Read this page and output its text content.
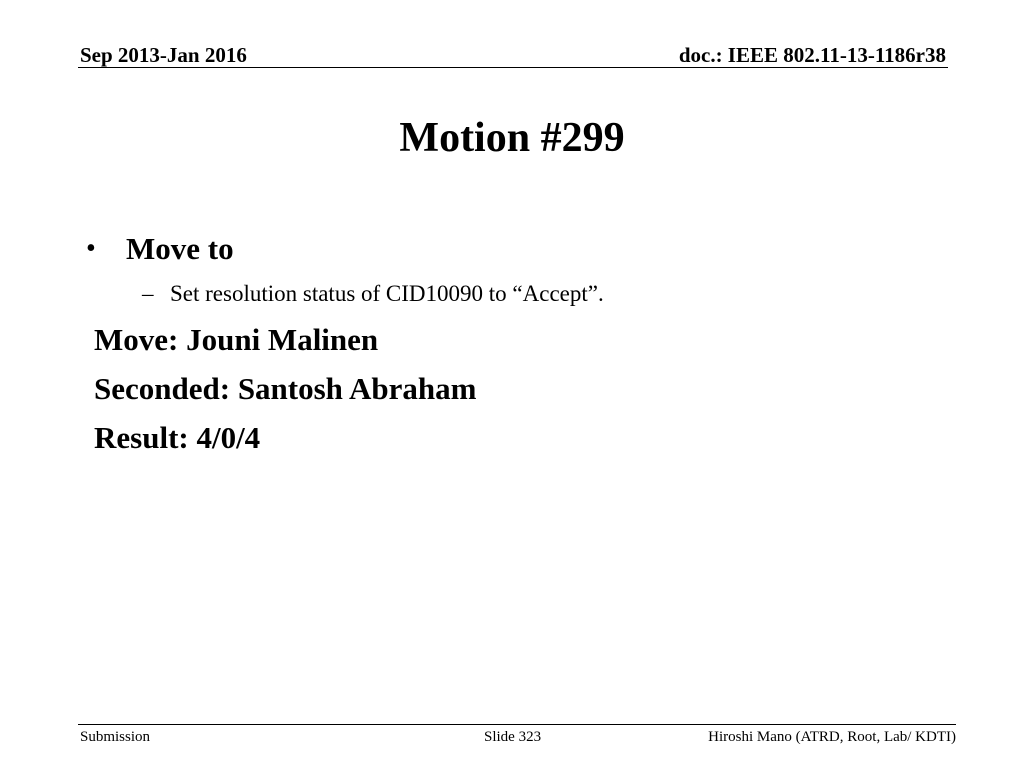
Sep 2013-Jan 2016	doc.: IEEE 802.11-13-1186r38
Motion #299
• Move to
– Set resolution status of CID10090 to “Accept”.
Move: Jouni Malinen
Seconded: Santosh Abraham
Result: 4/0/4
Submission	Slide 323	Hiroshi Mano (ATRD, Root, Lab/ KDTI)
